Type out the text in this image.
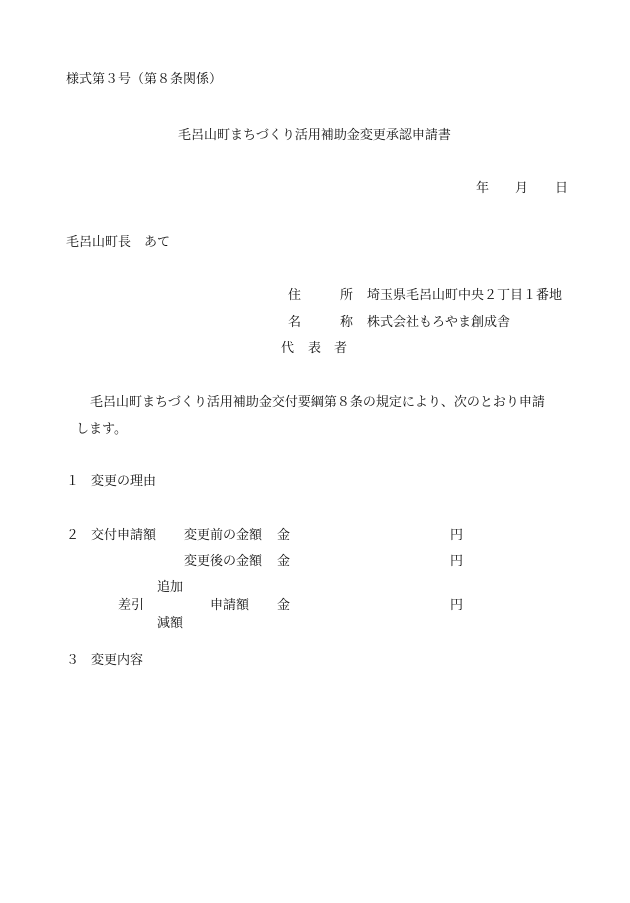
様式第３号（第８条関係）
毛呂山町まちづくり活用補助金変更承認申請書
年 月 日
毛呂山町長　あて
住	所 埼玉県毛呂山町中央２丁目１番地
名	称 株式会社もろやま創成舎
代 表 者
毛呂山町まちづくり活用補助金交付要綱第８条の規定により、次のとおり申請
します。
１ 変更の理由
２ 交付申請額 変更前の金額 金	円
変更後の金額 金	円
追加
差引	申請額 金	円
減額
３ 変更内容
